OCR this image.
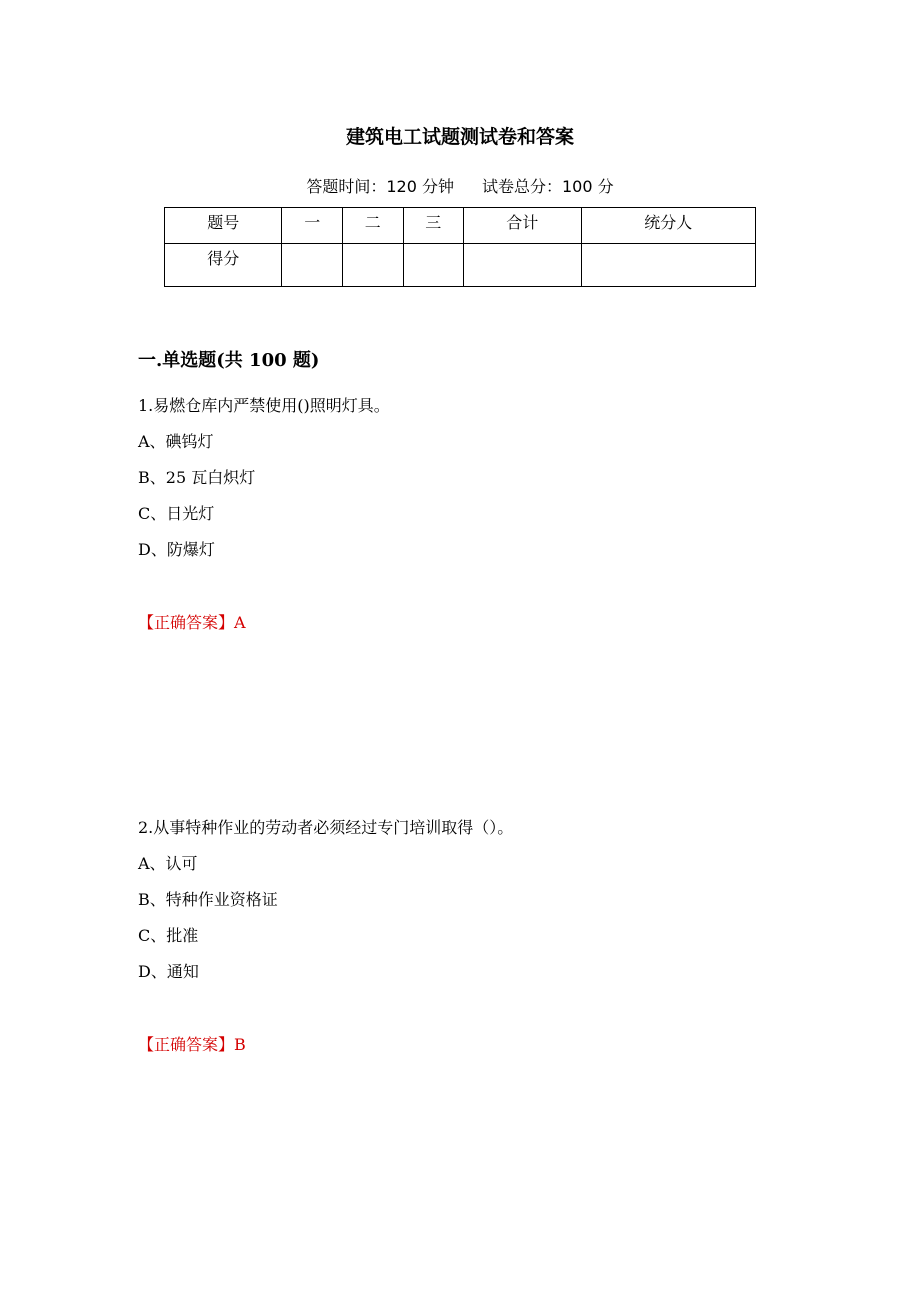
建筑电工试题测试卷和答案
答题时间：120 分钟 试卷总分：100 分
题号	一	二	三	合计	统分人
得分					
一.单选题(共 100 题)
1.易燃仓库内严禁使用()照明灯具。
A、碘钨灯
B、25 瓦白炽灯
C、日光灯
D、防爆灯
【正确答案】A
2.从事特种作业的劳动者必须经过专门培训取得（）。
A、认可
B、特种作业资格证
C、批准
D、通知
【正确答案】B
